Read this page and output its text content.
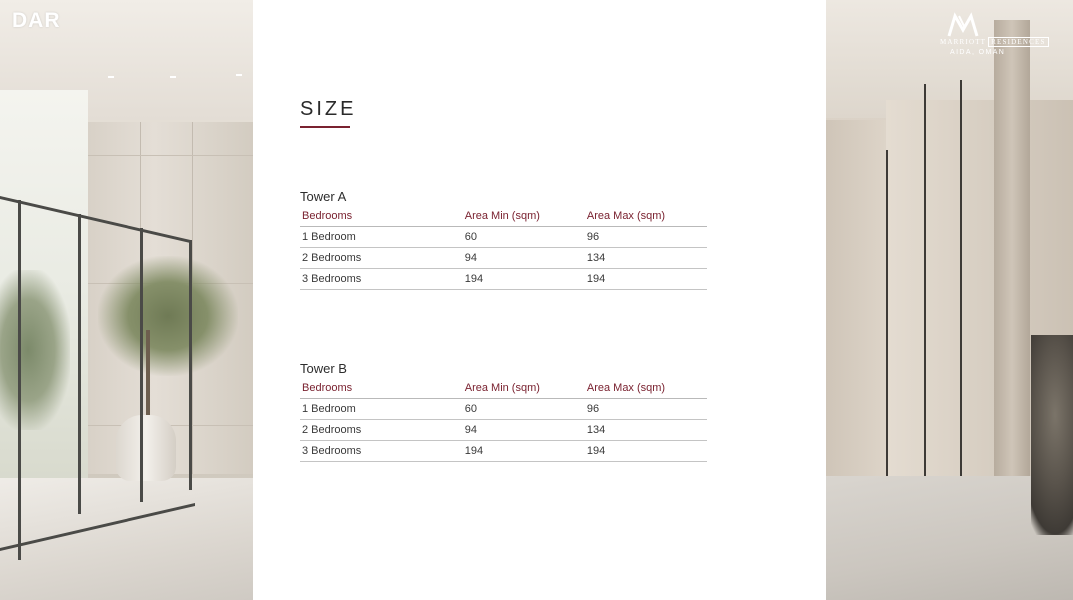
DAR
MARRIOTT RESIDENCES
AIDA, OMAN
SIZE
Tower A
Bedrooms	Area Min (sqm)	Area Max (sqm)
1 Bedroom	60	96
2 Bedrooms	94	134
3 Bedrooms	194	194
Tower B
Bedrooms	Area Min (sqm)	Area Max (sqm)
1 Bedroom	60	96
2 Bedrooms	94	134
3 Bedrooms	194	194
